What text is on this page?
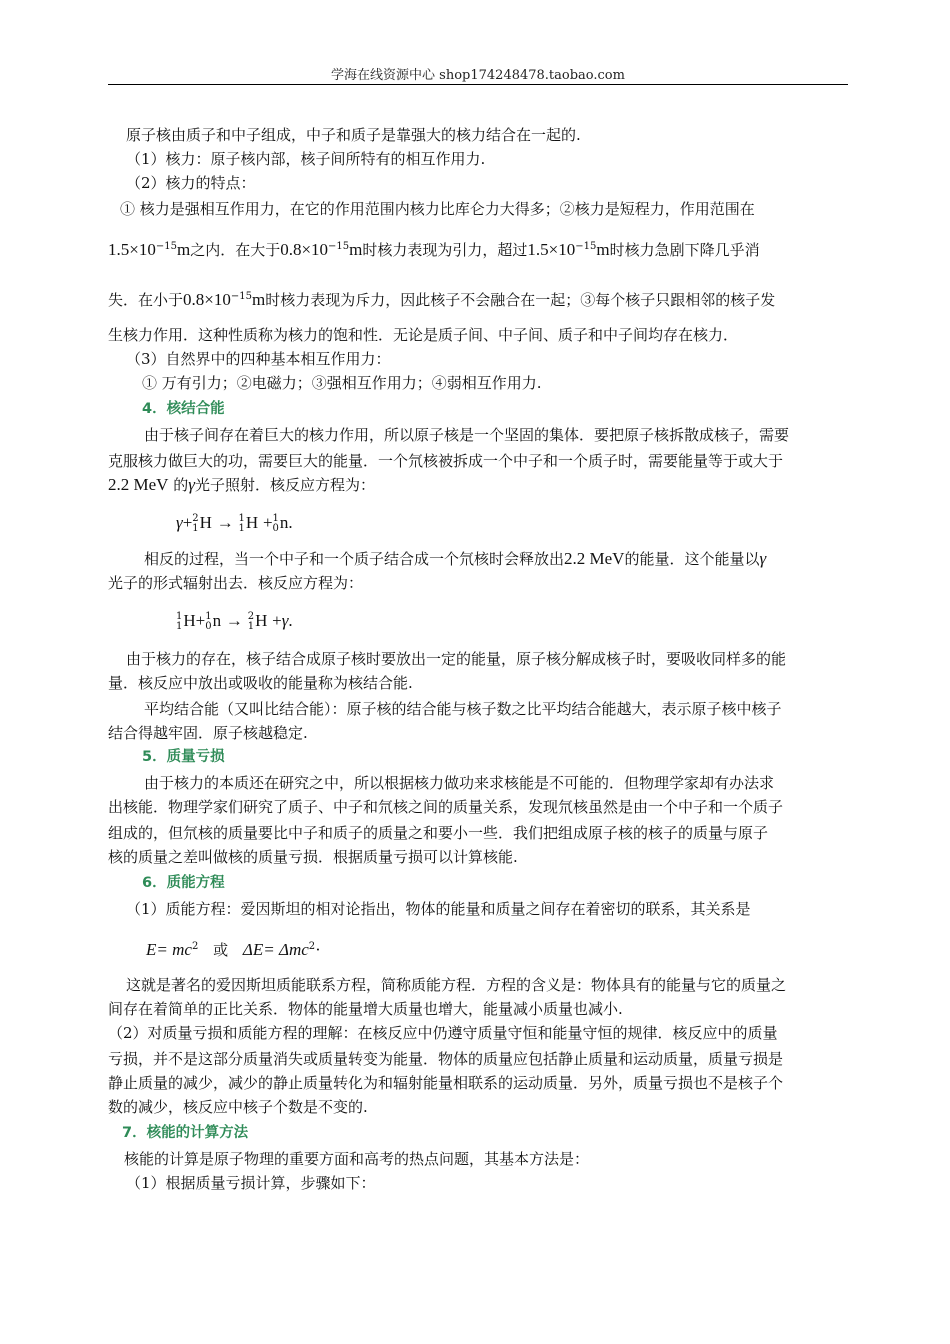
学海在线资源中心 shop174248478.taobao.com
原子核由质子和中子组成，中子和质子是靠强大的核力结合在一起的.
（1）核力：原子核内部，核子间所特有的相互作用力.
（2）核力的特点：
① 核力是强相互作用力，在它的作用范围内核力比库仑力大得多；②核力是短程力，作用范围在
$1.5\times 10^{-15}m$之内．在大于$0.8\times 10^{-15}m$时核力表现为引力，超过$1.5\times 10^{-15}m$时核力急剧下降几乎消
失．在小于$0.8\times 10^{-15}m$时核力表现为斥力，因此核子不会融合在一起；③每个核子只跟相邻的核子发
生核力作用．这种性质称为核力的饱和性．无论是质子间、中子间、质子和中子间均存在核力．
（3）自然界中的四种基本相互作用力：
① 万有引力；②电磁力；③强相互作用力；④弱相互作用力.
4．核结合能
由于核子间存在着巨大的核力作用，所以原子核是一个坚固的集体．要把原子核拆散成核子，需要
克服核力做巨大的功，需要巨大的能量．一个氘核被拆成一个中子和一个质子时，需要能量等于或大于
2.2 MeV 的γ光子照射．核反应方程为：
γ+ 2
1 H → 1
1 H + 1
0 n.
相反的过程，当一个中子和一个质子结合成一个氘核时会释放出2.2 MeV的能量．这个能量以γ
光子的形式辐射出去．核反应方程为：
1
1 H+ 1
0 n → 2
1 H +γ.
由于核力的存在，核子结合成原子核时要放出一定的能量，原子核分解成核子时，要吸收同样多的能
量．核反应中放出或吸收的能量称为核结合能.
平均结合能（又叫比结合能）：原子核的结合能与核子数之比平均结合能越大，表示原子核中核子
结合得越牢固．原子核越稳定.
5．质量亏损
由于核力的本质还在研究之中，所以根据核力做功来求核能是不可能的．但物理学家却有办法求
出核能．物理学家们研究了质子、中子和氘核之间的质量关系，发现氘核虽然是由一个中子和一个质子
组成的，但氘核的质量要比中子和质子的质量之和要小一些．我们把组成原子核的核子的质量与原子
核的质量之差叫做核的质量亏损．根据质量亏损可以计算核能.
6．质能方程
（1）质能方程：爱因斯坦的相对论指出，物体的能量和质量之间存在着密切的联系，其关系是
$E= mc^2$ 或 ΔE= Δmc$^2$·
这就是著名的爱因斯坦质能联系方程，简称质能方程．方程的含义是：物体具有的能量与它的质量之
间存在着简单的正比关系．物体的能量增大质量也增大，能量减小质量也减小.
（2）对质量亏损和质能方程的理解：在核反应中仍遵守质量守恒和能量守恒的规律．核反应中的质量
亏损，并不是这部分质量消失或质量转变为能量．物体的质量应包括静止质量和运动质量，质量亏损是
静止质量的减少，减少的静止质量转化为和辐射能量相联系的运动质量．另外，质量亏损也不是核子个
数的减少，核反应中核子个数是不变的.
7．核能的计算方法
核能的计算是原子物理的重要方面和高考的热点问题，其基本方法是：
（1）根据质量亏损计算，步骤如下：
